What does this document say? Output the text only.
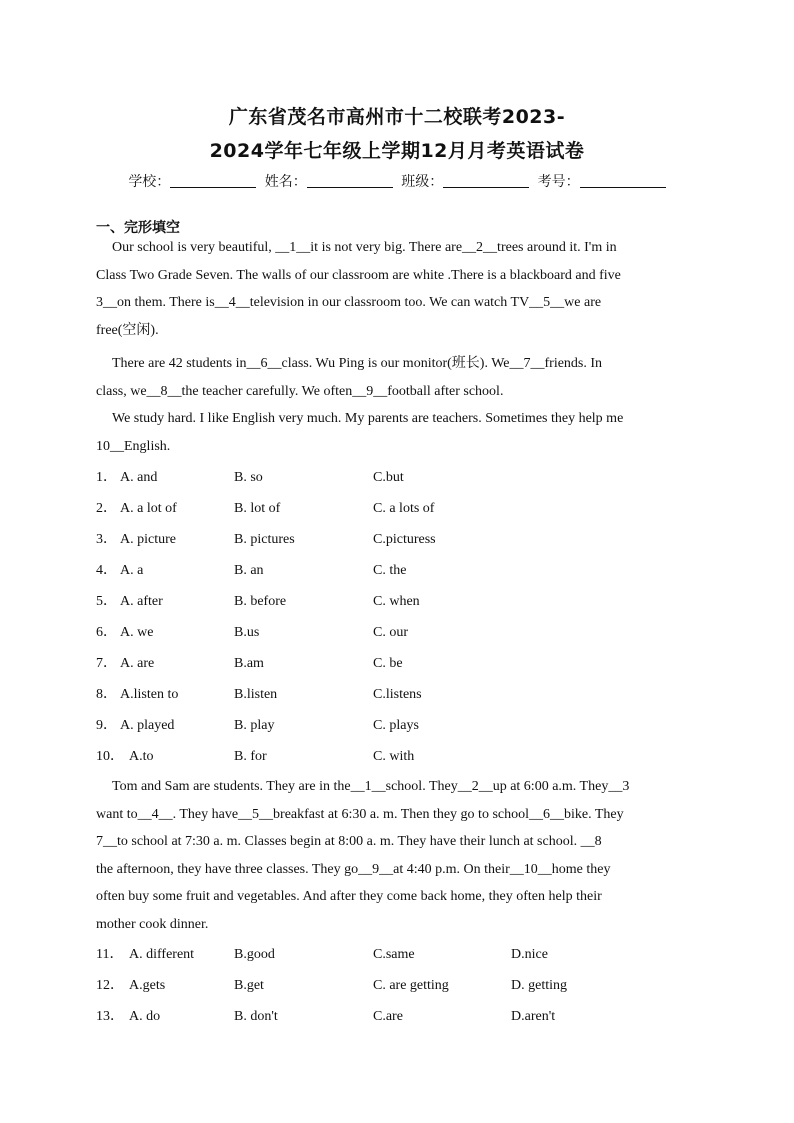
广东省茂名市高州市十二校联考2023-
2024学年七年级上学期12月月考英语试卷
学校：	姓名：	班级：	考号：
一、完形填空
Our school is very beautiful, __1__it is not very big. There are__2__trees around it. I'm in
Class Two Grade Seven. The walls of our classroom are white .There is a blackboard and five
3__on them. There is__4__television in our classroom too. We can watch TV__5__we are
free(空闲).
There are 42 students in__6__class. Wu Ping is our monitor(班长). We__7__friends. In
class, we__8__the teacher carefully. We often__9__football after school.
We study hard. I like English very much. My parents are teachers. Sometimes they help me
10__English.
1． A. and	B. so	C.but
2． A. a lot of	B. lot of	C. a lots of
3． A. picture	B. pictures	C.picturess
4． A. a	B. an	C. the
5． A. after	B. before	C. when
6． A. we	B.us	C. our
7． A. are	B.am	C. be
8． A.listen to	B.listen	C.listens
9． A. played	B. play	C. plays
10． A.to	B. for	C. with
Tom and Sam are students. They are in the__1__school. They__2__up at 6:00 a.m. They__3
want to__4__. They have__5__breakfast at 6:30 a. m. Then they go to school__6__bike. They
7__to school at 7:30 a. m. Classes begin at 8:00 a. m. They have their lunch at school. __8
the afternoon, they have three classes. They go__9__at 4:40 p.m. On their__10__home they
often buy some fruit and vegetables. And after they come back home, they often help their
mother cook dinner.
11． A. different	B.good	C.same	D.nice
12． A.gets	B.get	C. are getting	D. getting
13． A. do	B. don't	C.are	D.aren't
